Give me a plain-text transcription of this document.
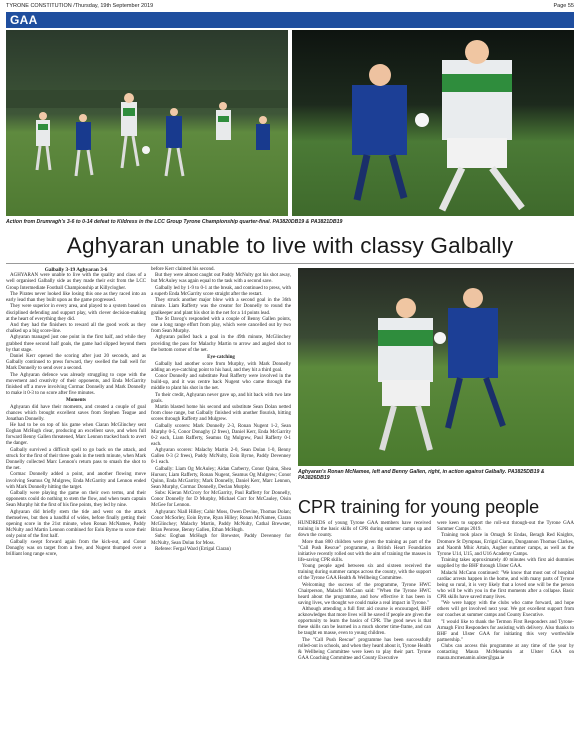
TYRONE CONSTITUTION /Thursday, 19th September 2019	Page 55
GAA
Action from Drumragh's 3-6 to 0-14 defeat to Kildress in the LCC Group Tyrone Championship quarter-final. PA3820DB19 & PA3821DB19
Aghyaran unable to live with classy Galbally

Galbally 3-19 Aghyaran 3-6

AGHYARAN were unable to live with the quality and class of a well organised Galbally side as they made their exit from the LCC Group Intermediate Football Championship at Killyclogher.

The Pirates never looked like losing this one as they raced into an early lead than they built upon as the game progressed.

They were superior in every area, and played to a system based on disciplined defending and support play, with clever decision-making at the heart of everything they did.

And they had the finishers to reward all the good work as they chalked up a big score-line.

Aghyaran managed just one point in the first half, and while they grabbed three second half goals, the game had slipped beyond them by that stage.

Daniel Kerr opened the scoring after just 20 seconds, and as Galbally continued to press forward, they swelled the ball well for Mark Donnelly to send over a second.

The Aghyaran defence was already struggling to cope with the movement and creativity of their opponents, and Enda McGarrity finished off a move involving Cormac Donnelly and Mark Donnelly to make it 0-3 to no score after five minutes.

Moments

Aghyaran did have their moments, and created a couple of goal chances which brought excellent saves from Stephen Teague and Jonathan Donnelly.

He had to be on top of his game when Ciaran McGlinchey sent Eoghan McHugh clear, producing an excellent save, and when full forward Benny Gallen threatened, Marc Lennon tracked back to avert the danger.

Galbally survived a difficult spell to go back on the attack, and struck for the first of their three goals in the tenth minute, when Mark Donnelly collected Marc Lennon's return pass to smash the shot to the net.

Cormac Donnelly added a point, and another flowing move involving Seamus Og Mulgrew, Enda McGarrity and Lennon ended with Mark Donnelly hitting the target.

Galbally were playing the game on their own terms, and their opponents could do nothing to stem the flow, and when team captain Sean Murphy hit the first of his fine points, they led by nine.

Aghyaran did briefly stem the tide and went on the attack themselves, but then a handful of wides, before finally getting their opening score in the 21st minute, when Ronan McNamee, Paddy McNulty and Martin Lennon combined for Eoin Byrne to score their only point of the first half.

Galbally swept forward again from the kick-out, and Conor Donaghy was on target from a free, and Nugent thumped over a brilliant long range score,

before Kerr claimed his second.

But they were almost caught out Paddy McNulty got his shot away, but McAuley was again equal to the task with a second save.

Galbally led by 1-9 to 0-1 at the break, and continued to press, with a superb Enda McGarrity score straight after the restart.

They struck another major blow with a second goal in the 36th minute. Liam Rafferty was the creator for Donnelly to round the goalkeeper and plant his shot in the net for a 14 points lead.

The St Davog's responded with a couple of Benny Gallen points, one a long range effort from play, which were cancelled out by two from Sean Murphy.

Aghyaran pulled back a goal in the 49th minute, McGlinchey providing the pass for Malachy Martin to arrow and angled shot to the bottom corner of the net.

Eye-catching

Galbally had another score from Murphy, with Mark Donnelly adding an eye-catching point to his haul, and they hit a third goal.

Conor Donnelly and substitute Paul Rafferty were involved in the build-up, and it was centre back Nugent who came through the middle to plant his shot in the net.

To their credit, Aghyaran never gave up, and hit back with two late goals.

Martin blasted home his second and substitute Sean Dolan netted from close range, but Galbally finished with another flourish, hitting scores through Rafferty and Mulgrew.

Galbally scorers: Mark Donnelly 2-3, Ronan Nugent 1-2, Sean Murphy 0-5, Conor Donaghy (2 frees), Daniel Kerr, Enda McGarrity 0-2 each, Liam Rafferty, Seamus Og Mulgrew, Paul Rafferty 0-1 each.

Aghyaran scorers: Malachy Martin 2-0, Sean Dolan 1-0, Benny Gallen 0-3 (2 frees), Paddy McNulty, Eoin Byrne, Paddy Devenney 0-1 each.

Galbally: Liam Og McAuley; Aidan Carberry, Conor Quinn, Shea Hurson; Liam Rafferty, Ronan Nugent, Seamus Og Mulgrew; Conor Quinn, Enda McGarrity; Mark Donnelly, Daniel Kerr, Marc Lennon, Sean Murphy, Cormac Donnelly, Declan Murphy.

Subs: Kieran McCrory for McGarrity, Paul Rafferty for Donnelly, Conor Donnelly for D Murphy, Michael Corr for McCauley, Oisin McGee for Lennon.

Aghyaran: Niall Hilley; Cahir Moss, Owen Devine, Thomas Dolan; Conor McSorley, Eoin Byrne, Ryan Hilley; Ronan McNamee, Ciaran McGlinchey; Malachy Martin, Paddy McNulty, Cathal Brewster, Brian Penrose, Benny Gallen, Ethan McHugh.

Subs: Eoghan McHugh for Brewster, Paddy Devenney for McNulty, Sean Dolan for Moss.

Referee: Fergal Ward (Errigal Ciaran)

Aghyaran's Ronan McNamee, left and Benny Gallen, right, in action against Galbally. PA3825DB19 & PA3826DB19
CPR training for young people

HUNDREDS of young Tyrone GAA members have received training in the basic skills of CPR during summer camps up and down the county.

More than 800 children were given the training as part of the "Call Push Rescue" programme, a British Heart Foundation initiative recently rolled out with the aim of training the masses in life-saving CPR skills.

Young people aged between six and sixteen received the training during summer camps across the county, with the support of the Tyrone GAA Health & Wellbeing Committee.

Welcoming the success of the programme, Tyrone HWC Chairperson, Malachi McCann said: "When the Tyrone HWC heard about the programme, and how effective it has been in saving lives, we thought we could make a real impact in Tyrone."

Although attending a full first aid course is encouraged, BHF acknowledges that more lives will be saved if people are given the opportunity to learn the basics of CPR. The good news is that these skills can be learned in a much shorter time-frame, and can be taught en masse, even to young children.

The "Call Push Rescue" programme has been successfully rolled-out in schools, and when they heard about it, Tyrone Health & Wellbeing Committee were keen to play their part. Tyrone GAA Coaching Committee and County Executive

were keen to support the roll-out through-out the Tyrone GAA Summer Camps 2019.

Training took place in Omagh St Endas, Beragh Red Knights, Dromore St Dympnas, Errigal Ciaran, Dungannon Thomas Clarkes, and Naomh Mhic Artain, Augher summer camps, as well as the Tyrone U14, U15, and U16 Academy Camps.

Training takes approximately 40 minutes with first aid dummies supplied by the BHF through Ulster GAA.

Malachi McCann continued: "We know that most out of hospital cardiac arrests happen in the home, and with many parts of Tyrone being so rural, it is very likely that a loved one will be the person who will be with you in the first moments after a collapse. Basic CPR skills have saved many lives.

"We were happy with the clubs who came forward, and hope others will get involved next year. We got excellent support from our coaches at summer camps and County Executive.

"I would like to thank the Termon First Responders and Tyrone-Armagh First Responders for assisting with delivery. Also thanks to BHF and Ulster GAA for initiating this very worthwhile partnership."

Clubs can access this programme at any time of the year by contacting Maura McMenamin at Ulster GAA on maura.mcmenamin.ulster@gaa.ie
